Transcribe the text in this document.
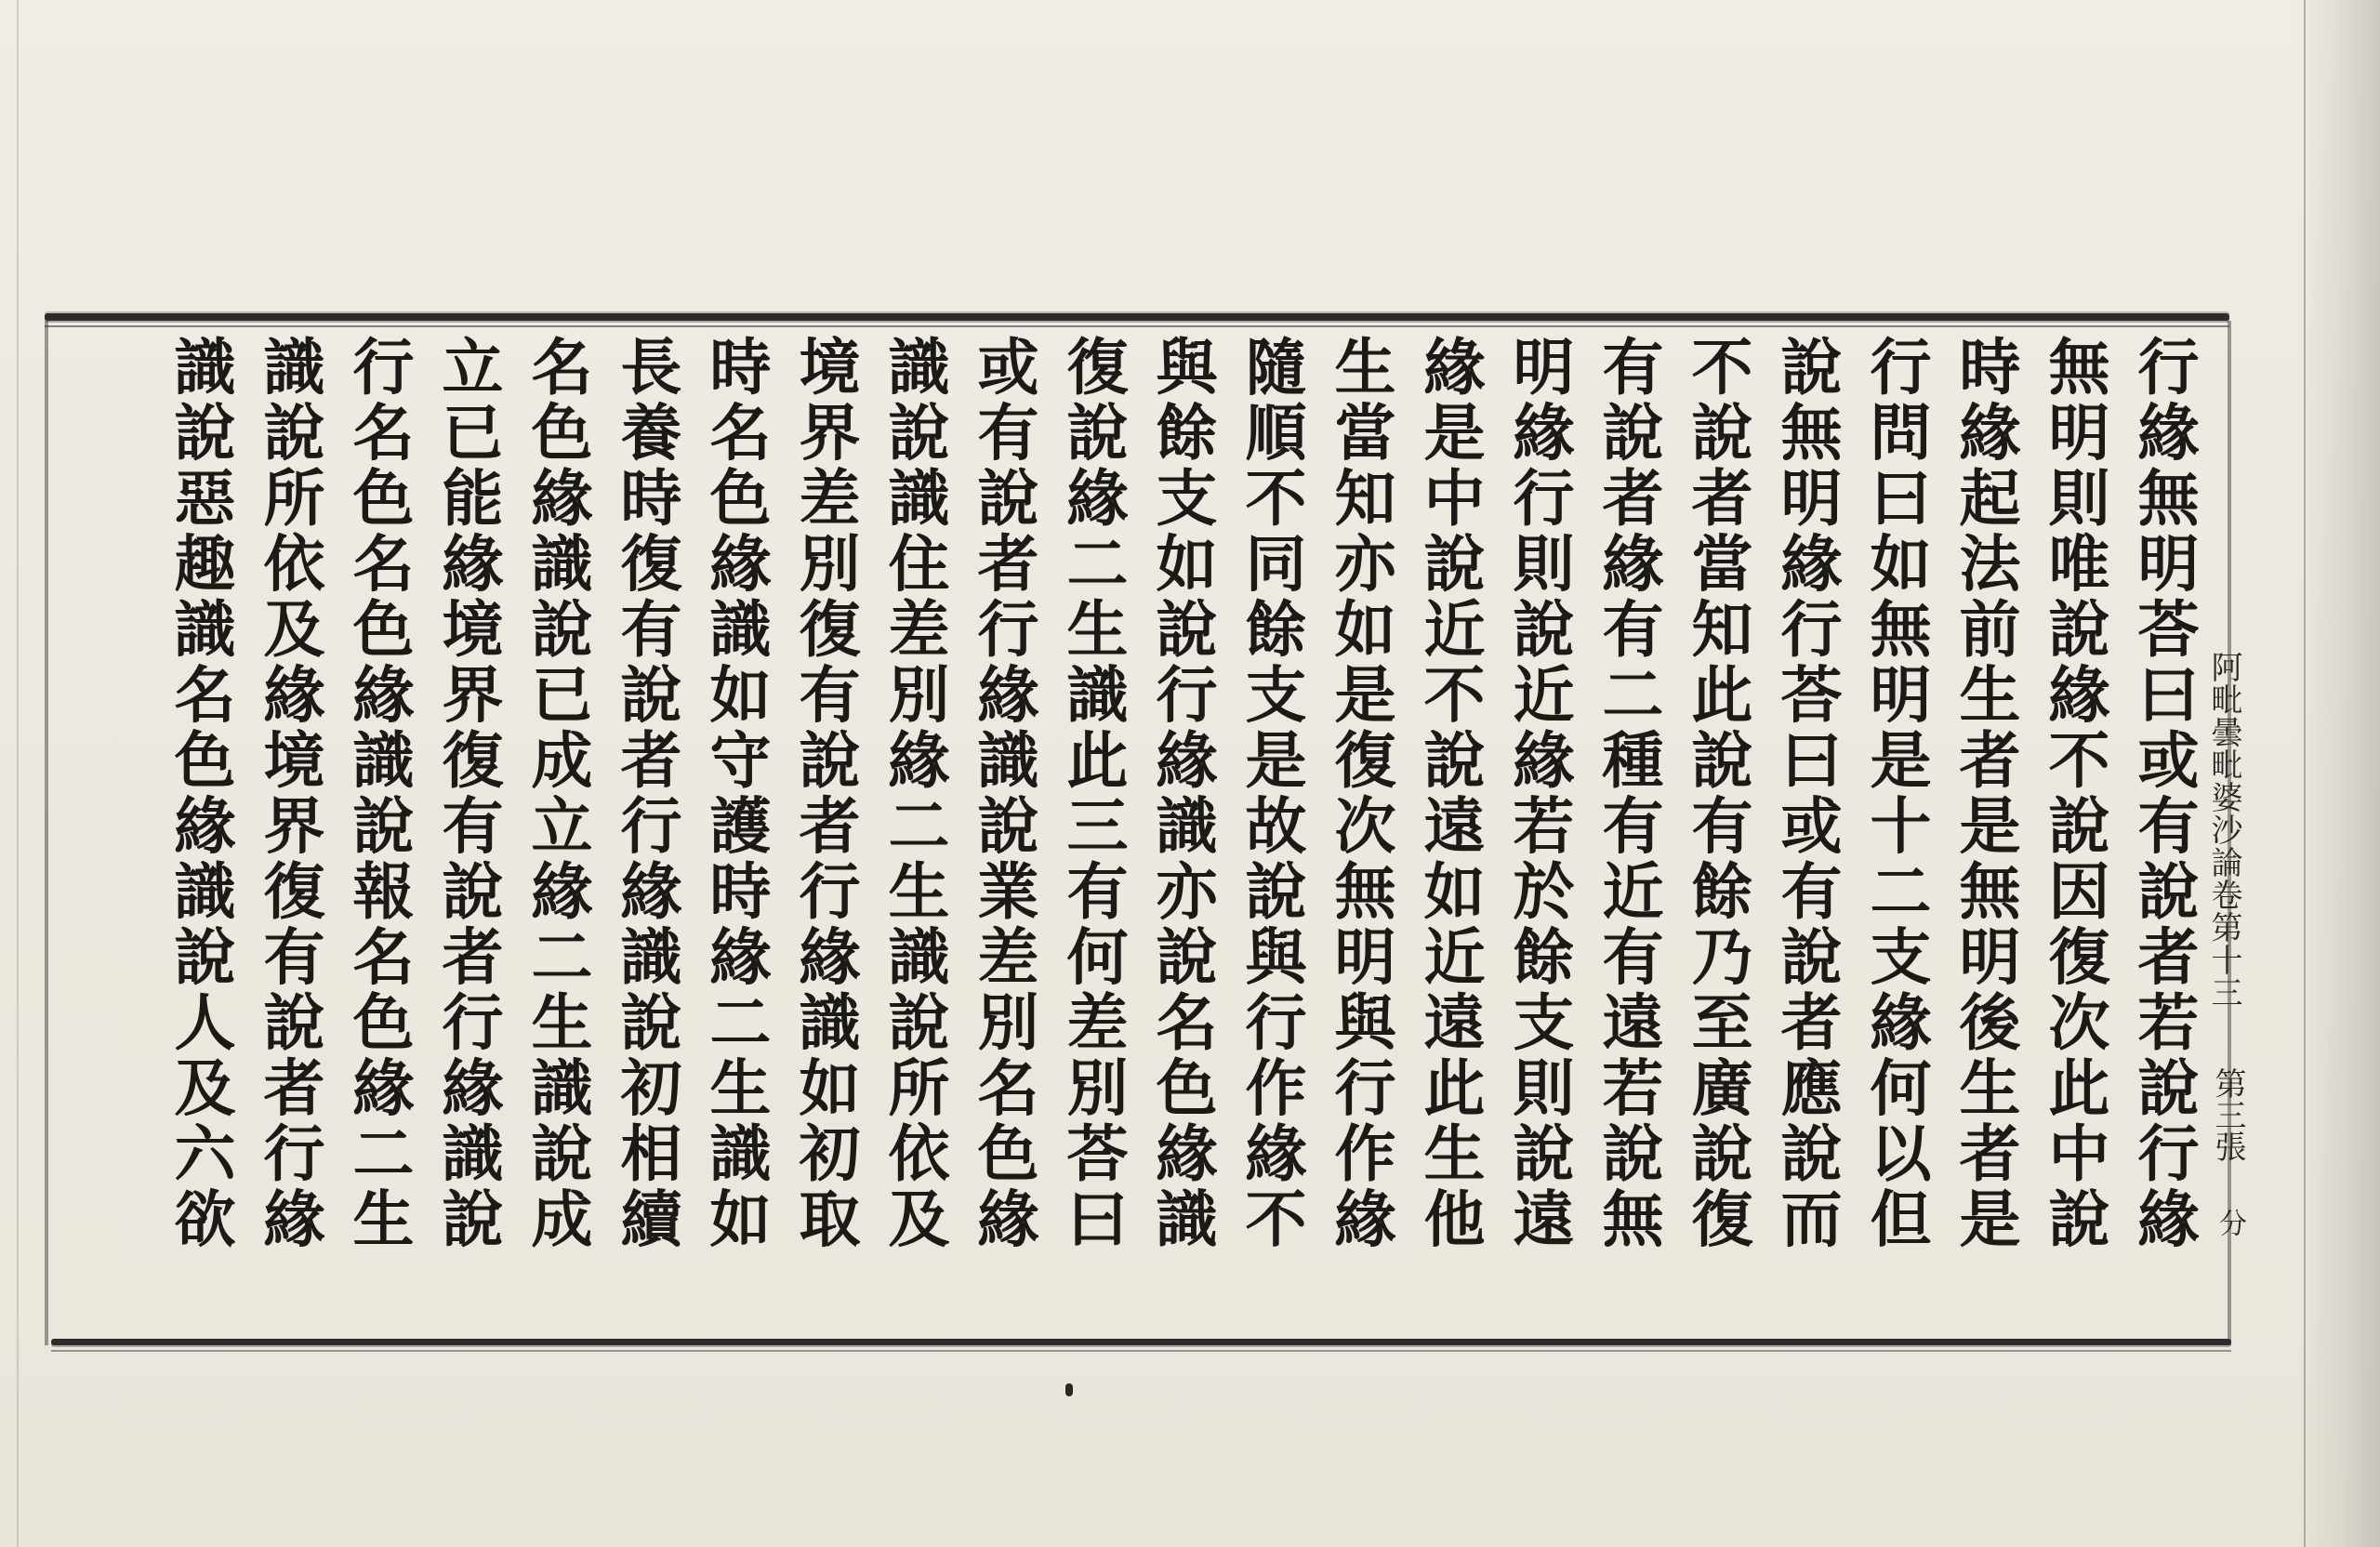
阿毗曇毗婆沙論卷第十三
第三張
分
行緣無明荅曰或有說者若說行緣
無明則唯說緣不說因復次此中說
時緣起法前生者是無明後生者是
行問曰如無明是十二支緣何以但
說無明緣行荅曰或有說者應說而
不說者當知此說有餘乃至廣說復
有說者緣有二種有近有遠若說無
明緣行則說近緣若於餘支則說遠
緣是中說近不說遠如近遠此生他
生當知亦如是復次無明與行作緣
隨順不同餘支是故說與行作緣不
與餘支如說行緣識亦說名色緣識
復說緣二生識此三有何差別荅曰
或有說者行緣識說業差別名色緣
識說識住差別緣二生識說所依及
境界差別復有說者行緣識如初取
時名色緣識如守護時緣二生識如
長養時復有說者行緣識說初相續
名色緣識說已成立緣二生識說成
立已能緣境界復有說者行緣識說
行名色名色緣識說報名色緣二生
識說所依及緣境界復有說者行緣
識說惡趣識名色緣識說人及六欲
